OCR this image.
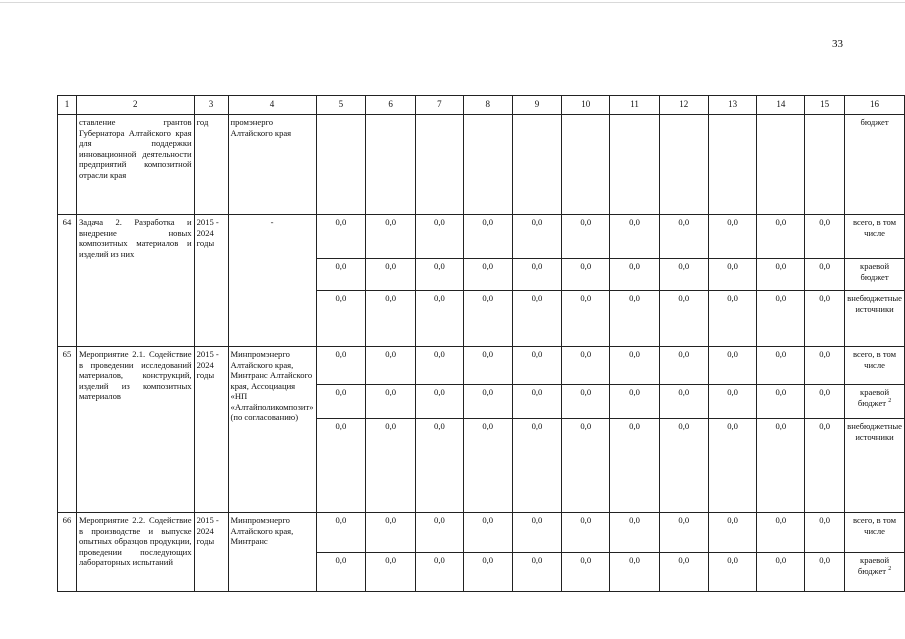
33
1	2	3	4	5	6	7	8	9	10	11	12	13	14	15	16
	ставление грантов Губернатора Алтайского края для поддержки инновационной деятельности предприятий композитной отрасли края	год	промэнерго Алтайского края												бюджет
64	Задача 2. Разработка и внедрение новых композитных материалов и изделий из них	2015 - 2024 годы	-	0,0	0,0	0,0	0,0	0,0	0,0	0,0	0,0	0,0	0,0	0,0	всего, в том числе
				0,0	0,0	0,0	0,0	0,0	0,0	0,0	0,0	0,0	0,0	0,0	краевой бюджет
				0,0	0,0	0,0	0,0	0,0	0,0	0,0	0,0	0,0	0,0	0,0	внебюджетные источники
65	Мероприятие 2.1. Содействие в проведении исследований материалов, конструкций, изделий из композитных материалов	2015 - 2024 годы	Минпромэнерго Алтайского края, Минтранс Алтайского края, Ассоциация «НП «Алтайполикомпозит» (по согласованию)	0,0	0,0	0,0	0,0	0,0	0,0	0,0	0,0	0,0	0,0	0,0	всего, в том числе
				0,0	0,0	0,0	0,0	0,0	0,0	0,0	0,0	0,0	0,0	0,0	краевой бюджет $^2$
				0,0	0,0	0,0	0,0	0,0	0,0	0,0	0,0	0,0	0,0	0,0	внебюджетные источники
66	Мероприятие 2.2. Содействие в производстве и выпуске опытных образцов продукции, проведении последующих лабораторных испытаний	2015 - 2024 годы	Минпромэнерго Алтайского края, Минтранс	0,0	0,0	0,0	0,0	0,0	0,0	0,0	0,0	0,0	0,0	0,0	всего, в том числе
				0,0	0,0	0,0	0,0	0,0	0,0	0,0	0,0	0,0	0,0	0,0	краевой бюджет $^2$
